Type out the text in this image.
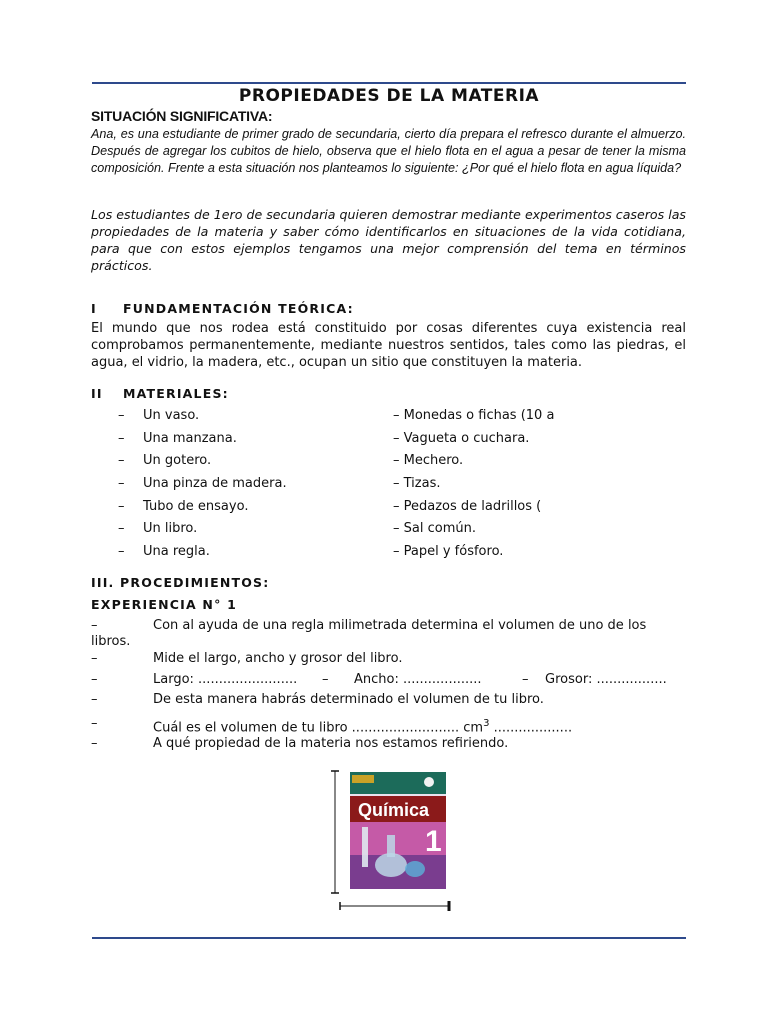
PROPIEDADES DE LA MATERIA
SITUACIÓN SIGNIFICATIVA:
Ana, es una estudiante de primer grado de secundaria, cierto día prepara el refresco durante el almuerzo. Después de agregar los cubitos de hielo, observa que el hielo flota en el agua a pesar de tener la misma composición. Frente a esta situación nos planteamos lo siguiente: ¿Por qué el hielo flota en agua líquida?
Los estudiantes de 1ero de secundaria quieren demostrar mediante experimentos caseros las propiedades de la materia y saber cómo identificarlos en situaciones de la vida cotidiana, para que con estos ejemplos tengamos una mejor comprensión del tema en términos prácticos.
I FUNDAMENTACIÓN TEÓRICA:
El mundo que nos rodea está constituido por cosas diferentes cuya existencia real comprobamos permanentemente, mediante nuestros sentidos, tales como las piedras, el agua, el vidrio, la madera, etc., ocupan un sitio que constituyen la materia.
II MATERIALES:
– Un vaso.
– Una manzana.
– Un gotero.
– Una pinza de madera.
– Tubo de ensayo.
– Un libro.
– Una regla.
– Monedas o fichas (10 a
– Vagueta o cuchara.
– Mechero.
– Tizas.
– Pedazos de ladrillos (
– Sal común.
– Papel y fósforo.
III. PROCEDIMIENTOS:
EXPERIENCIA N° 1
–	Con al ayuda de una regla milimetrada determina el volumen de uno de los libros.
–	Mide el largo, ancho y grosor del libro.
–	Largo: ........................ – Ancho: ...................	–    Grosor: .................
–	De esta manera habrás determinado el volumen de tu libro.
–	Cuál es el volumen de tu libro .......................... $cm^3$ ...................
–	A qué propiedad de la materia nos estamos refiriendo.
Química
1
